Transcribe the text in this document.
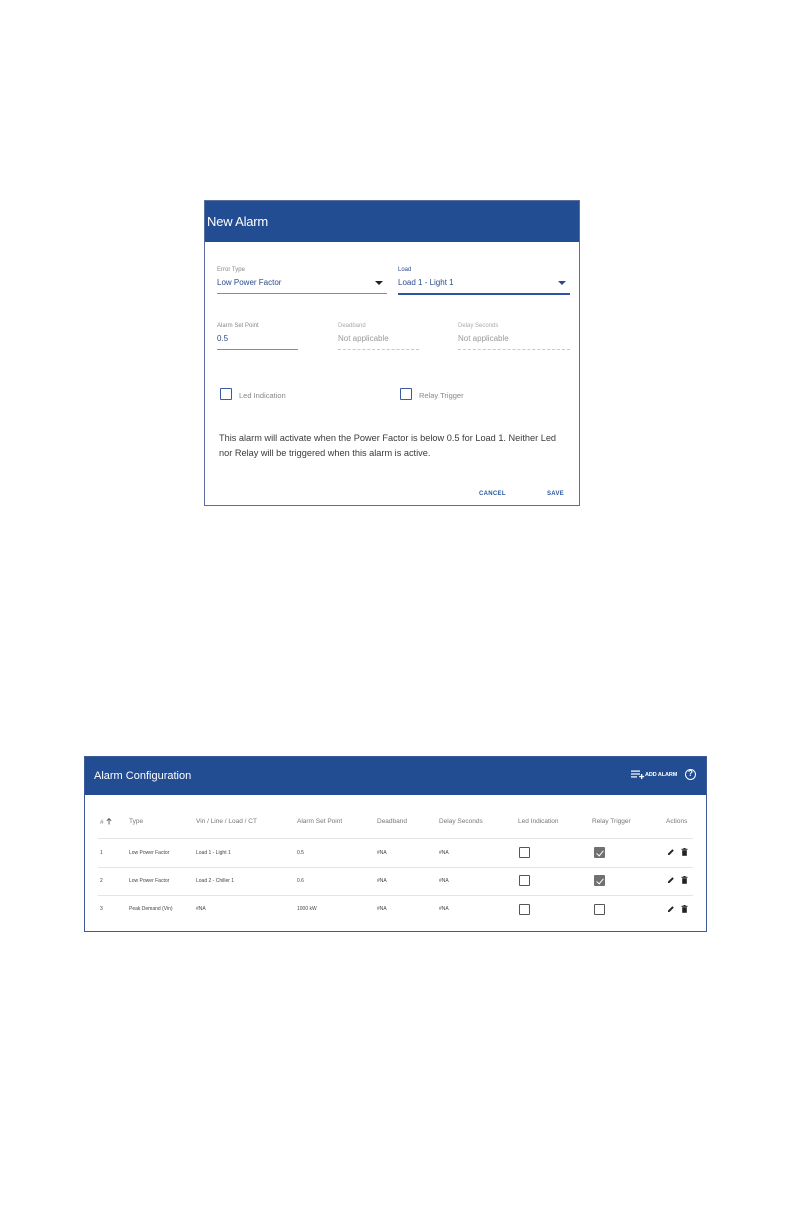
New Alarm
Error Type
Low Power Factor
Load
Load 1 - Light 1
Alarm Set Point
0.5
Deadband
Not applicable
Delay Seconds
Not applicable
Led Indication	Relay Trigger
This alarm will activate when the Power Factor is below 0.5 for Load 1. Neither Led nor Relay will be triggered when this alarm is active.
CANCEL	SAVE
Alarm Configuration	ADD ALARM	?
#	Type	Vin / Line / Load / CT	Alarm Set Point	Deadband	Delay Seconds	Led Indication	Relay Trigger	Actions
1	Low Power Factor	Load 1 - Light 1	0.5	#NA	#NA
2	Low Power Factor	Load 2 - Chiller 1	0.6	#NA	#NA
3	Peak Demand (Vin)	#NA	1000 kW	#NA	#NA
